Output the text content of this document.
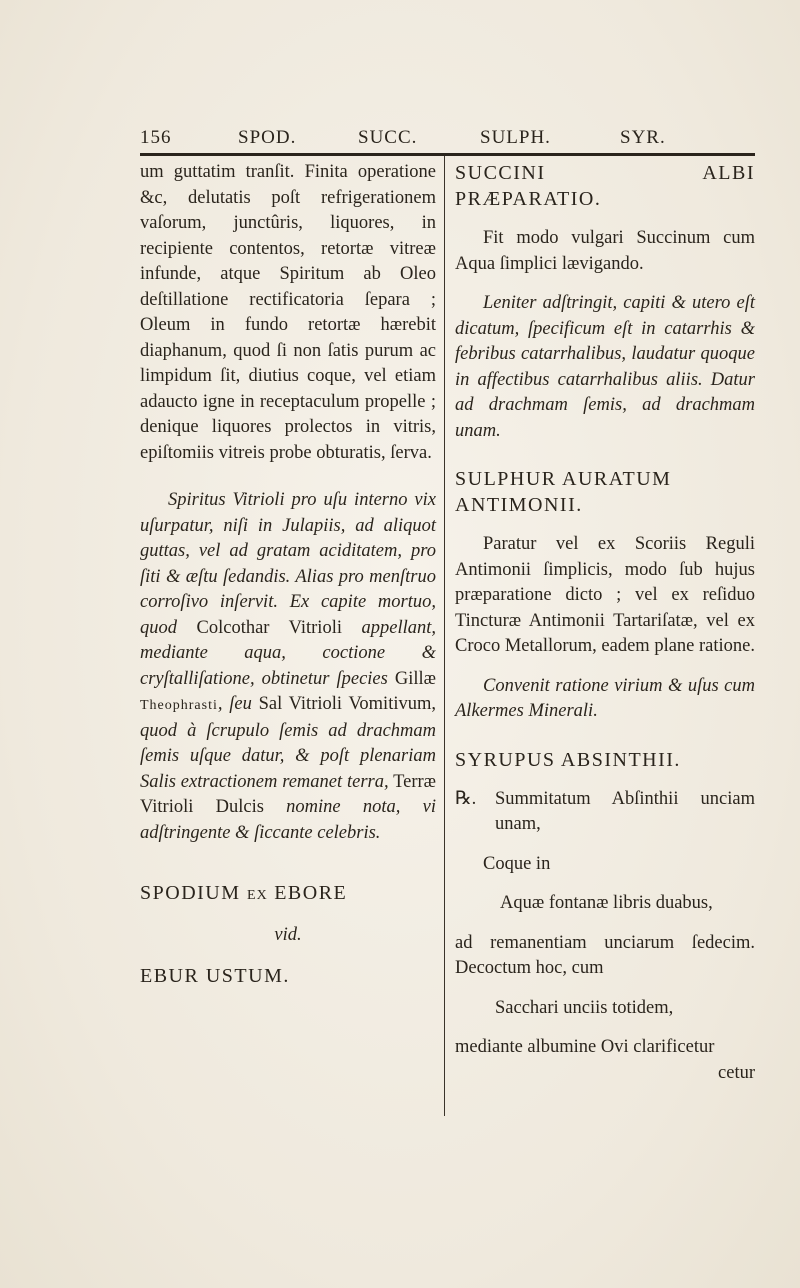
156	SPOD.	SUCC.	SULPH.	SYR.

um guttatim tranſit. Finita operatione &c, delutatis poſt refrigerationem vaſorum, junctûris, liquores, in recipiente contentos, retortæ vitreæ infunde, atque Spiritum ab Oleo deſtillatione rectificatoria ſepara ; Oleum in fundo retortæ hærebit diaphanum, quod ſi non ſatis purum ac limpidum ſit, diutius coque, vel etiam adaucto igne in receptaculum propelle ; denique liquores prolectos in vitris, epiſtomiis vitreis probe obturatis, ſerva.

Spiritus Vitrioli pro uſu interno vix uſurpatur, niſi in Julapiis, ad aliquot guttas, vel ad gratam aciditatem, pro ſiti & æſtu ſedandis. Alias pro menſtruo corroſivo inſervit. Ex capite mortuo, quod Colcothar Vitrioli appellant, mediante aqua, coctione & cryſtalliſatione, obtinetur ſpecies Gillæ Theophrasti, ſeu Sal Vitrioli Vomitivum, quod à ſcrupulo ſemis ad drachmam ſemis uſque datur, & poſt plenariam Salis extractionem remanet terra, Terræ Vitrioli Dulcis nomine nota, vi adſtringente & ſiccante celebris.

SPODIUM EX EBORE

vid.

EBUR USTUM.

SUCCINI ALBI PRÆPARATIO.

Fit modo vulgari Succinum cum Aqua ſimplici lævigando.

Leniter adſtringit, capiti & utero eſt dicatum, ſpecificum eſt in catarrhis & febribus catarrhalibus, laudatur quoque in affectibus catarrhalibus aliis. Datur ad drachmam ſemis, ad drachmam unam.

SULPHUR AURATUM

ANTIMONII.

Paratur vel ex Scoriis Reguli Antimonii ſimplicis, modo ſub hujus præparatione dicto ; vel ex reſiduo Tincturæ Antimonii Tartariſatæ, vel ex Croco Metallorum, eadem plane ratione.

Convenit ratione virium & uſus cum Alkermes Minerali.

SYRUPUS ABSINTHII.

℞.	Summitatum Abſinthii unciam unam,

Coque in

Aquæ fontanæ libris duabus,

ad remanentiam unciarum ſedecim. Decoctum hoc, cum

Sacchari unciis totidem,

mediante albumine Ovi clarificetur

cetur
